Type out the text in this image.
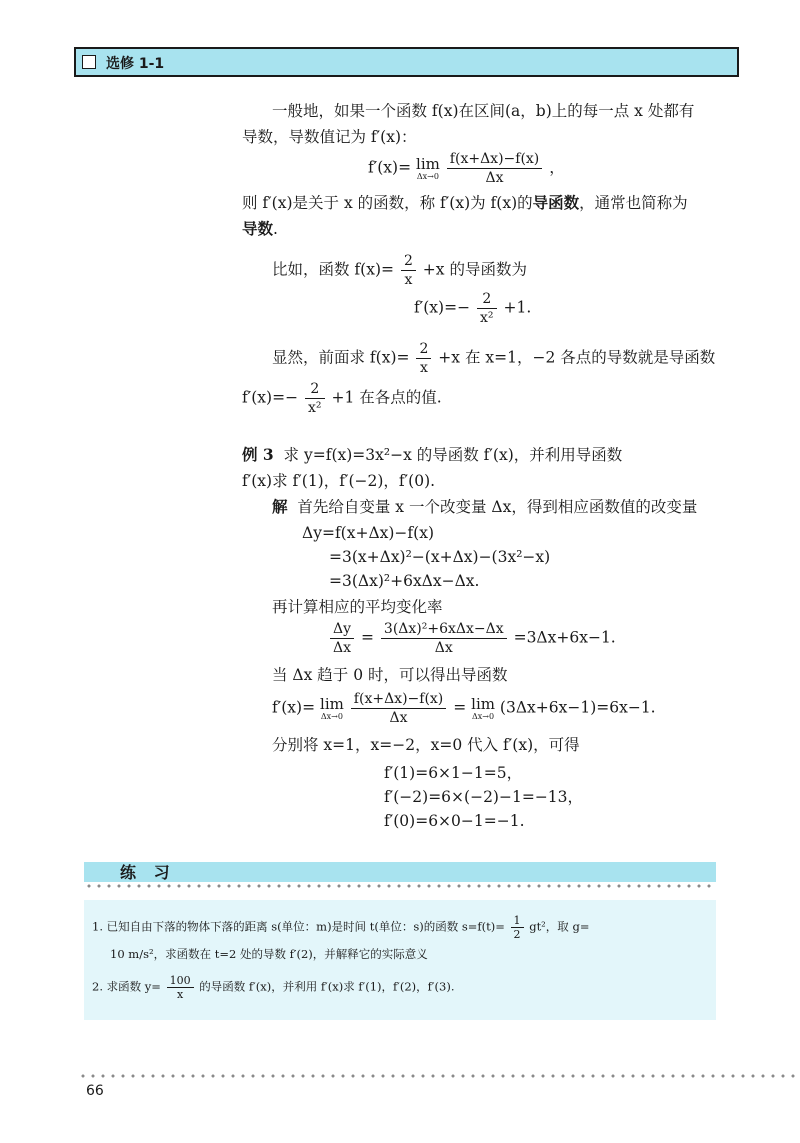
选修 1-1
一般地，如果一个函数 f(x)在区间(a，b)上的每一点 x 处都有
导数，导数值记为 f′(x)：
f′(x)= lim
Δx→0
$\frac{f(x+\Delta x)-f(x)}{\Delta x}$ ，
则 f′(x)是关于 x 的函数，称 f′(x)为 f(x)的导函数，通常也简称为
导数.
比如，函数 $f(x)= \frac{2}{x} +x$ 的导函数为
$f'(x)=- \frac{2}{\text{x²}} +1$.
显然，前面求 $f(x)= \frac{2}{x} +x$ 在 x=1，−2 各点的导数就是导函数
$f'(x)=- \frac{2}{\text{x²}} +1$ 在各点的值.
例 3 求 y=f(x)=3x²−x 的导函数 f′(x)，并利用导函数
f′(x)求 f′(1)，f′(−2)，f′(0).
解 首先给自变量 x 一个改变量 Δx，得到相应函数值的改变量
Δy=f(x+Δx)−f(x)
=3(x+Δx)²−(x+Δx)−(3x²−x)
=3(Δx)²+6xΔx−Δx.
再计算相应的平均变化率
$\frac{\Delta y}{\Delta x} = \frac{\text{3(Δx)²+6xΔx−Δx}}{\Delta x} =3\Delta x+6x-1$.
当 Δx 趋于 0 时，可以得出导函数
f′(x)= lim
Δx→0
$\frac{f(x+\Delta x)-f(x)}{\Delta x} = \lim$
Δx→0 (3Δx+6x−1)=6x−1.
分别将 x=1，x=−2，x=0 代入 f′(x)，可得
f′(1)=6×1−1=5，
f′(−2)=6×(−2)−1=−13，
f′(0)=6×0−1=−1.
练 习
1. 已知自由下落的物体下落的距离 s(单位：m)是时间 t(单位：s)的函数 $s=f(t)= \frac{1}{2} gt^2$，取 g=
10 m/s²，求函数在 t=2 处的导数 f′(2)，并解释它的实际意义
2. 求函数 $y= \frac{100}{x}$ 的导函数 f′(x)，并利用 f′(x)求 f′(1)，f′(2)，f′(3).
66
